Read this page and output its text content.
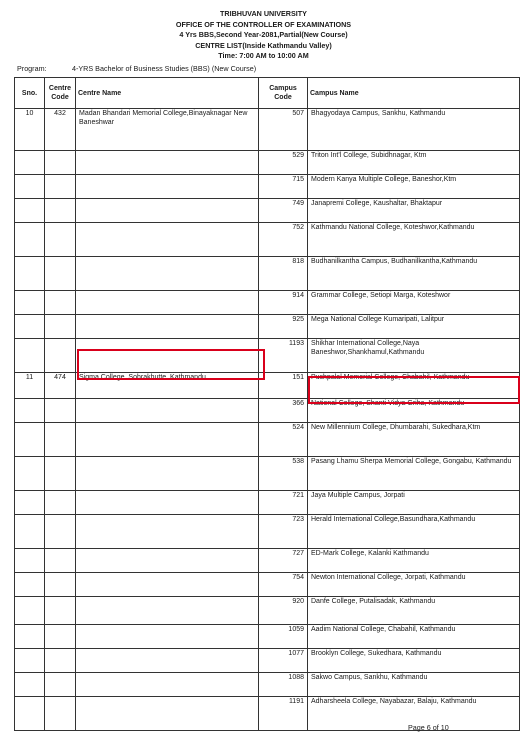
TRIBHUVAN UNIVERSITY
OFFICE OF THE CONTROLLER OF EXAMINATIONS
4 Yrs BBS,Second Year-2081,Partial(New Course)
CENTRE LIST(Inside Kathmandu Valley)
Time: 7:00 AM to 10:00 AM
Program:	4-YRS Bachelor of Business Studies (BBS) (New Course)
Sno.	Centre Code	Centre Name	Campus Code	Campus Name
10	432	Madan Bhandari Memorial College,Binayaknagar New Baneshwar	507	Bhagyodaya Campus, Sankhu, Kathmandu
			529	Triton Int'l College, Subidhnagar, Ktm
			715	Modern Kanya Multiple College, Baneshor,Ktm
			749	Janapremi College, Kaushaltar, Bhaktapur
			752	Kathmandu National College, Koteshwor,Kathmandu
			818	Budhanilkantha Campus, Budhanilkantha,Kathmandu
			914	Grammar College, Setiopi Marga, Koteshwor
			925	Mega National College Kumaripati, Lalitpur
			1193	Shikhar International College,Naya Baneshwor,Shankhamul,Kathmandu
11	474	Sigma College, Sohrakhutte, Kathmandu	151	Pushpalal Memorial College, Chabahil, Kathmandu
			366	National College, Shanti Vidya Griha, Kathmandu
			524	New Millennium College, Dhumbarahi, Sukedhara,Ktm
			538	Pasang Lhamu Sherpa Memorial College, Gongabu, Kathmandu
			721	Jaya Multiple Campus, Jorpati
			723	Herald International College,Basundhara,Kathmandu
			727	ED-Mark College, Kalanki Kathmandu
			754	Newton International College, Jorpati, Kathmandu
			920	Danfe College, Putalisadak, Kathmandu
			1059	Aadim National College, Chabahil, Kathmandu
			1077	Brooklyn College, Sukedhara, Kathmandu
			1088	Sakwo Campus, Sankhu, Kathmandu
			1191	Adharsheela College, Nayabazar, Balaju, Kathmandu
Page 6 of 10
